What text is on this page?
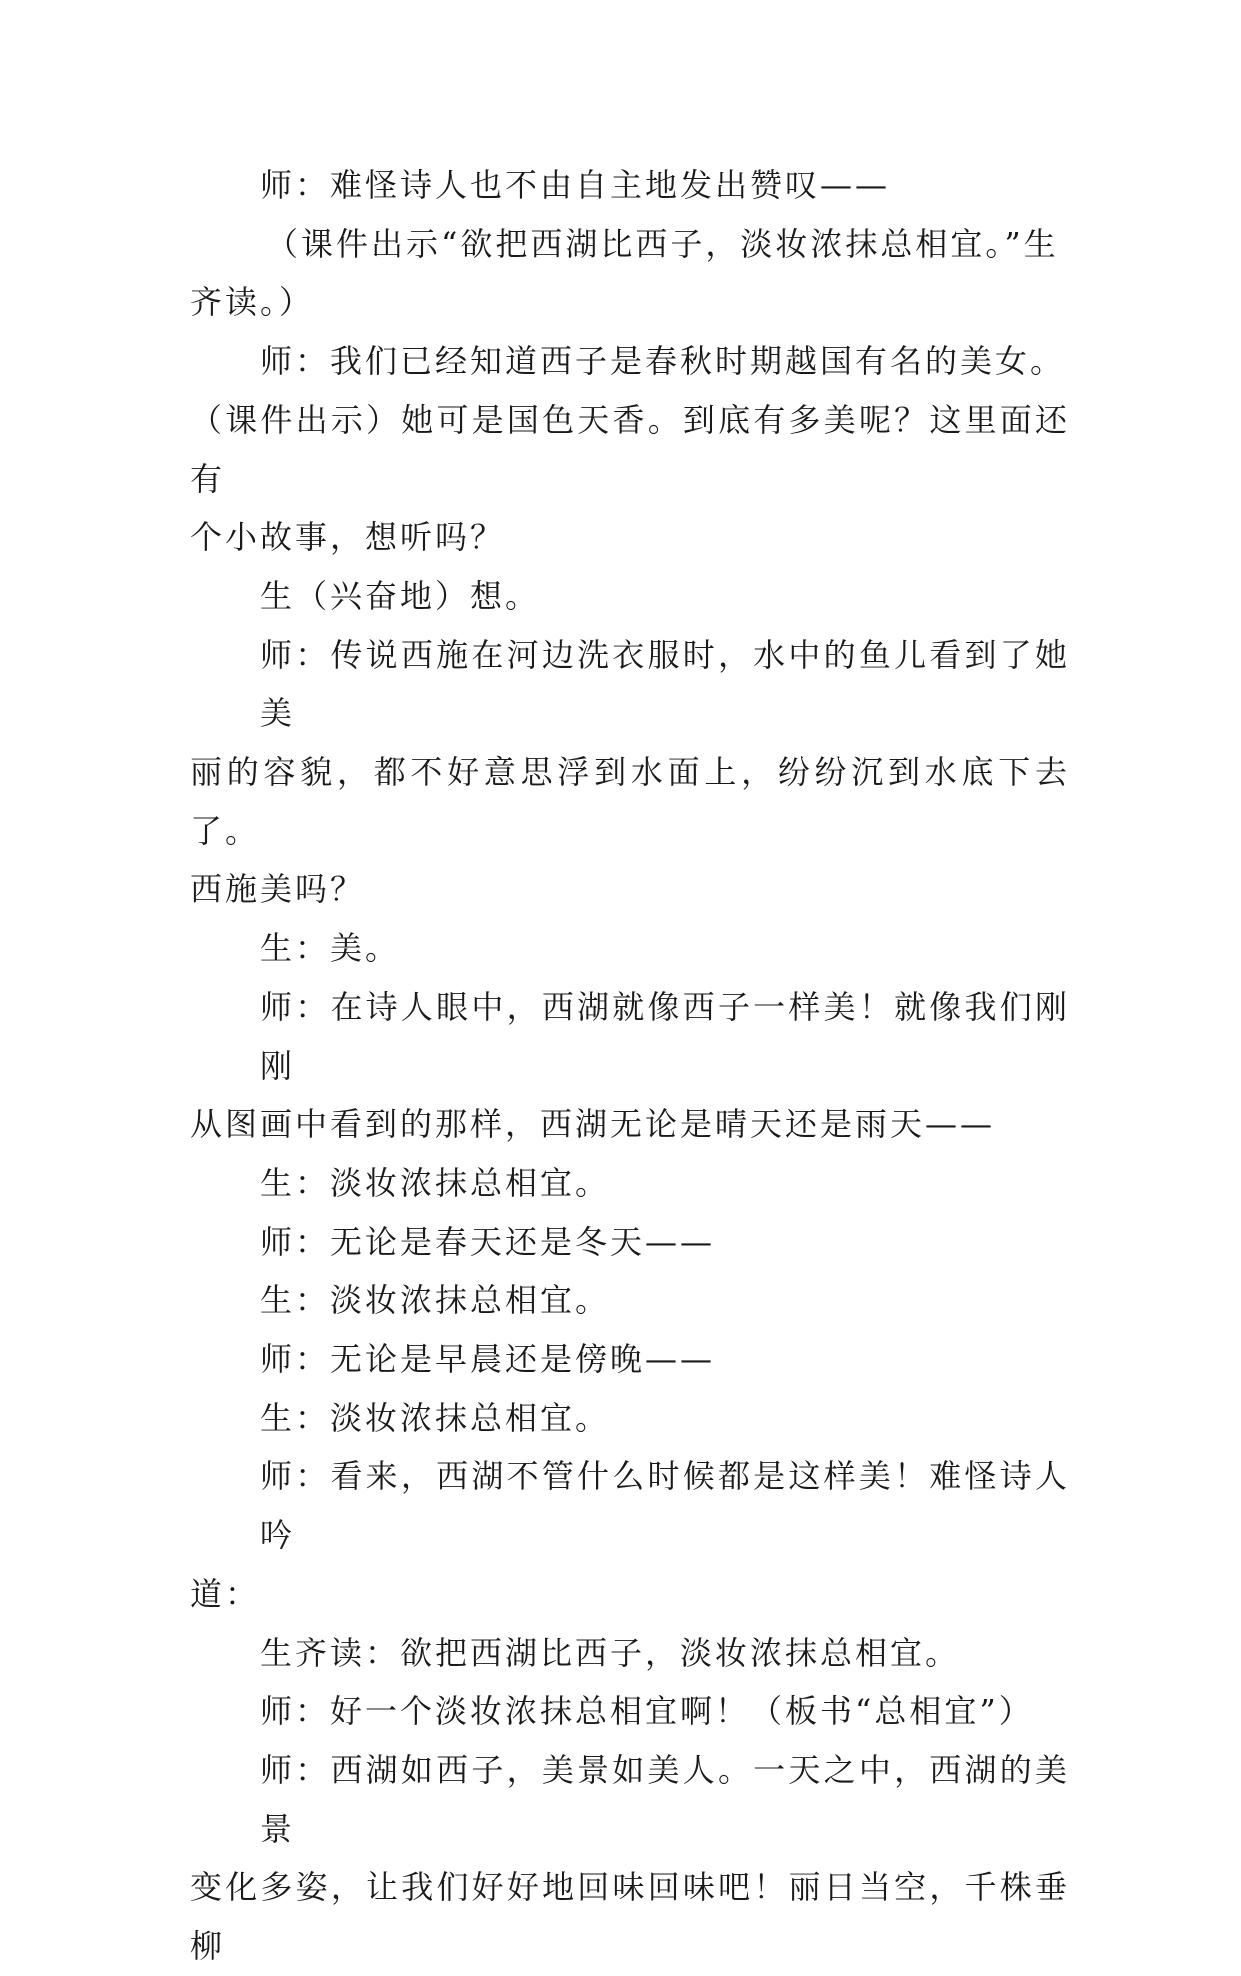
师：难怪诗人也不由自主地发出赞叹——
（课件出示“欲把西湖比西子，淡妆浓抹总相宜。”生
齐读。）
师：我们已经知道西子是春秋时期越国有名的美女。
（课件出示）她可是国色天香。到底有多美呢？这里面还有
个小故事，想听吗？
生（兴奋地）想。
师：传说西施在河边洗衣服时，水中的鱼儿看到了她美
丽的容貌，都不好意思浮到水面上，纷纷沉到水底下去了。
西施美吗？
生：美。
师：在诗人眼中，西湖就像西子一样美！就像我们刚刚
从图画中看到的那样，西湖无论是晴天还是雨天——
生：淡妆浓抹总相宜。
师：无论是春天还是冬天——
生：淡妆浓抹总相宜。
师：无论是早晨还是傍晚——
生：淡妆浓抹总相宜。
师：看来，西湖不管什么时候都是这样美！难怪诗人吟
道：
生齐读：欲把西湖比西子，淡妆浓抹总相宜。
师：好一个淡妆浓抹总相宜啊！（板书“总相宜”）
师：西湖如西子，美景如美人。一天之中，西湖的美景
变化多姿，让我们好好地回味回味吧！丽日当空，千株垂柳
